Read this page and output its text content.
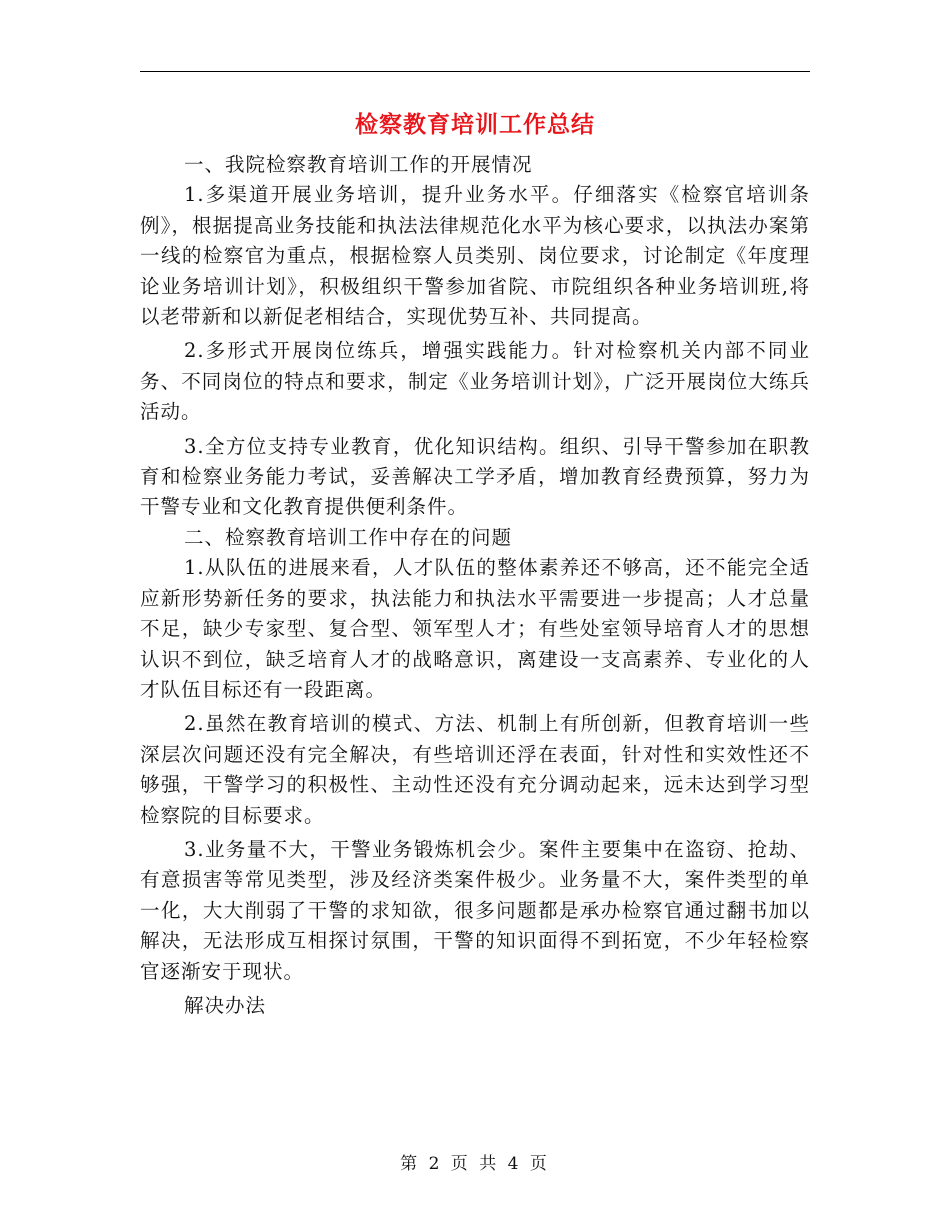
检察教育培训工作总结

一、我院检察教育培训工作的开展情况

1.多渠道开展业务培训，提升业务水平。仔细落实《检察官培训条例》，根据提高业务技能和执法法律规范化水平为核心要求，以执法办案第一线的检察官为重点，根据检察人员类别、岗位要求，讨论制定《年度理论业务培训计划》，积极组织干警参加省院、市院组织各种业务培训班,将以老带新和以新促老相结合，实现优势互补、共同提高。

2.多形式开展岗位练兵，增强实践能力。针对检察机关内部不同业务、不同岗位的特点和要求，制定《业务培训计划》，广泛开展岗位大练兵活动。

3.全方位支持专业教育，优化知识结构。组织、引导干警参加在职教育和检察业务能力考试，妥善解决工学矛盾，增加教育经费预算，努力为干警专业和文化教育提供便利条件。

二、检察教育培训工作中存在的问题

1.从队伍的进展来看，人才队伍的整体素养还不够高，还不能完全适应新形势新任务的要求，执法能力和执法水平需要进一步提高；人才总量不足，缺少专家型、复合型、领军型人才；有些处室领导培育人才的思想认识不到位，缺乏培育人才的战略意识，离建设一支高素养、专业化的人才队伍目标还有一段距离。

2.虽然在教育培训的模式、方法、机制上有所创新，但教育培训一些深层次问题还没有完全解决，有些培训还浮在表面，针对性和实效性还不够强，干警学习的积极性、主动性还没有充分调动起来，远未达到学习型检察院的目标要求。

3.业务量不大，干警业务锻炼机会少。案件主要集中在盗窃、抢劫、有意损害等常见类型，涉及经济类案件极少。业务量不大，案件类型的单一化，大大削弱了干警的求知欲，很多问题都是承办检察官通过翻书加以解决，无法形成互相探讨氛围，干警的知识面得不到拓宽，不少年轻检察官逐渐安于现状。

解决办法

第 2 页 共 4 页
